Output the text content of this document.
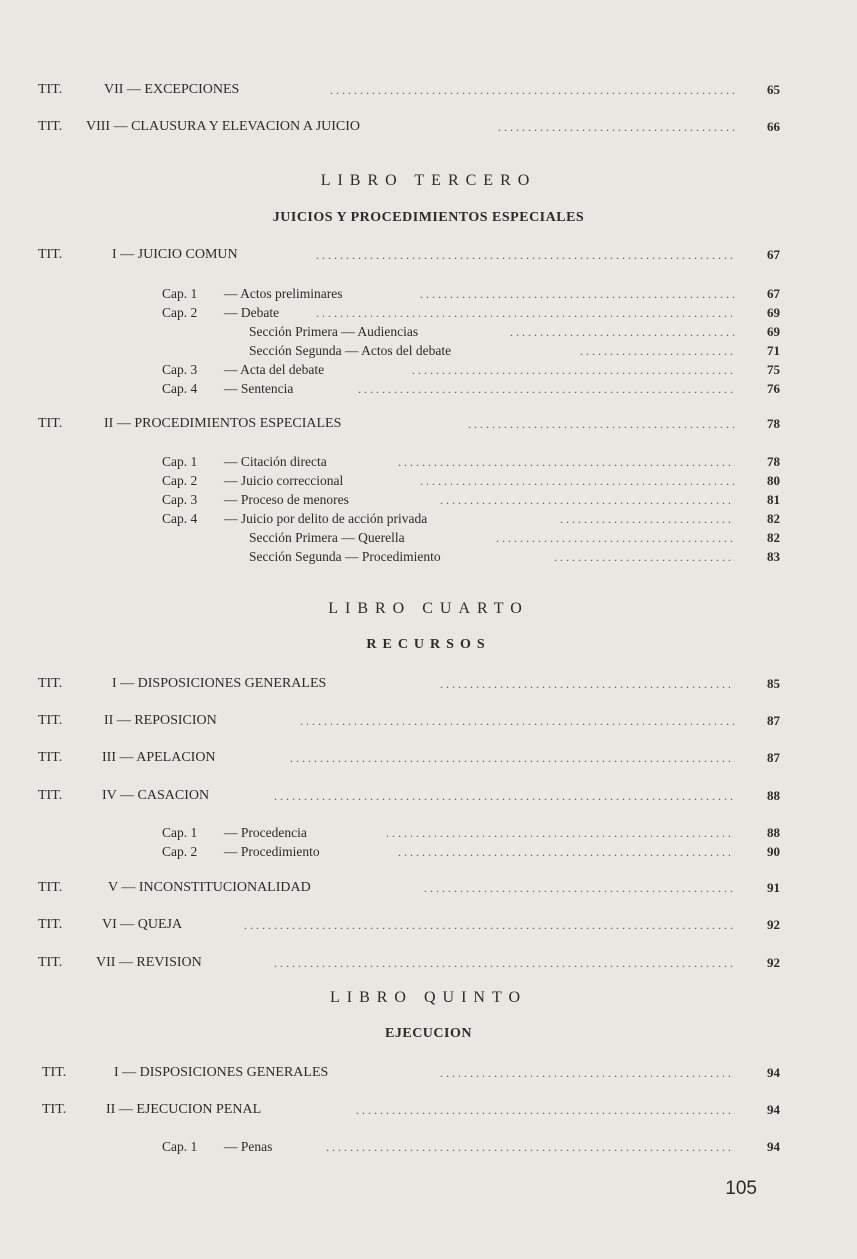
TIT.	VII — EXCEPCIONES . . .	65
TIT. VIII — CLAUSURA Y ELEVACION A JUICIO . . .	66
LIBRO TERCERO
JUICIOS Y PROCEDIMIENTOS ESPECIALES
TIT.	I — JUICIO COMUN . . .	67
Cap. 1 — Actos preliminares . . .	67
Cap. 2 — Debate . . .	69
Sección Primera — Audiencias . . .	69
Sección Segunda — Actos del debate . . .	71
Cap. 3 — Acta del debate . . .	75
Cap. 4 — Sentencia . . .	76
TIT.	II — PROCEDIMIENTOS ESPECIALES . . .	78
Cap. 1 — Citación directa . . .	78
Cap. 2 — Juicio correccional . . .	80
Cap. 3 — Proceso de menores . . .	81
Cap. 4 — Juicio por delito de acción privada . . .	82
Sección Primera — Querella . . .	82
Sección Segunda — Procedimiento . . .	83
LIBRO CUARTO
RECURSOS
TIT.	I — DISPOSICIONES GENERALES . . .	85
TIT.	II — REPOSICION . . .	87
TIT.	III — APELACION . . .	87
TIT.	IV — CASACION . . .	88
Cap. 1 — Procedencia . . .	88
Cap. 2 — Procedimiento . . .	90
TIT.	V — INCONSTITUCIONALIDAD . . .	91
TIT.	VI — QUEJA . . .	92
TIT. VII — REVISION . . .	92
LIBRO QUINTO
EJECUCION
TIT.	I — DISPOSICIONES GENERALES . . .	94
TIT.	II — EJECUCION PENAL . . .	94
Cap. 1 — Penas . . .	94
105
